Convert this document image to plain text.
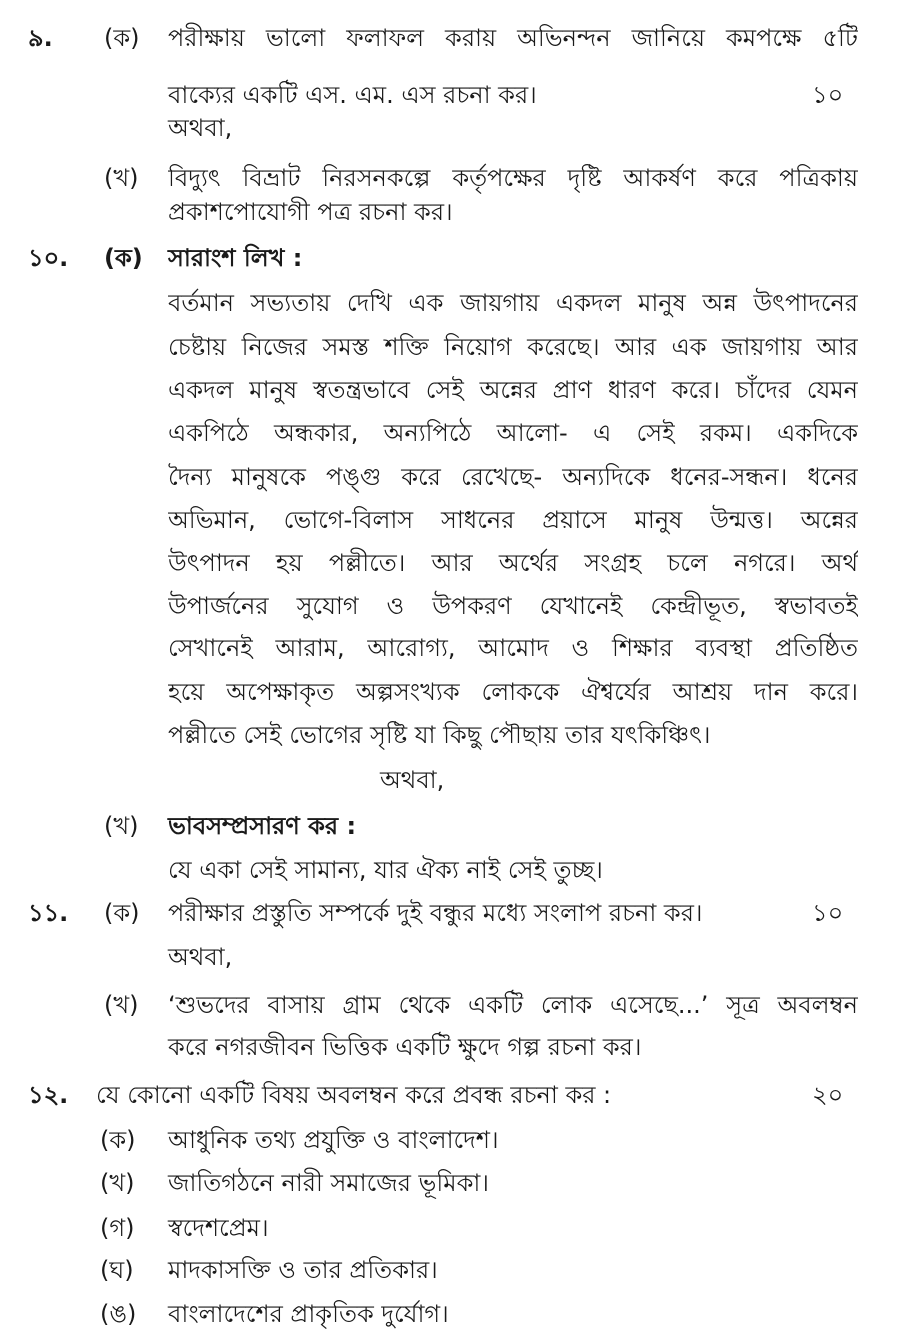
৯. (ক) পরীক্ষায় ভালো ফলাফল করায় অভিনন্দন জানিয়ে কমপক্ষে ৫টি
বাক্যের একটি এস. এম. এস রচনা কর।	১০
অথবা,
(খ) বিদ্যুৎ বিভ্রাট নিরসনকল্পে কর্তৃপক্ষের দৃষ্টি আকর্ষণ করে পত্রিকায়
প্রকাশপোযোগী পত্র রচনা কর।
১০. (ক) সারাংশ লিখ :
বর্তমান সভ্যতায় দেখি এক জায়গায় একদল মানুষ অন্ন উৎপাদনের
চেষ্টায় নিজের সমস্ত শক্তি নিয়োগ করেছে। আর এক জায়গায় আর
একদল মানুষ স্বতন্ত্রভাবে সেই অন্নের প্রাণ ধারণ করে। চাঁদের যেমন
একপিঠে অন্ধকার, অন্যপিঠে আলো- এ সেই রকম। একদিকে
দৈন্য মানুষকে পঙ্গু করে রেখেছে- অন্যদিকে ধনের-সন্ধন। ধনের
অভিমান, ভোগে-বিলাস সাধনের প্রয়াসে মানুষ উন্মত্ত। অন্নের
উৎপাদন হয় পল্লীতে। আর অর্থের সংগ্রহ চলে নগরে। অর্থ
উপার্জনের সুযোগ ও উপকরণ যেখানেই কেন্দ্রীভূত, স্বভাবতই
সেখানেই আরাম, আরোগ্য, আমোদ ও শিক্ষার ব্যবস্থা প্রতিষ্ঠিত
হয়ে অপেক্ষাকৃত অল্পসংখ্যক লোককে ঐশ্বর্যের আশ্রয় দান করে।
পল্লীতে সেই ভোগের সৃষ্টি যা কিছু পৌছায় তার যৎকিঞ্চিৎ।
অথবা,
(খ) ভাবসম্প্রসারণ কর :
যে একা সেই সামান্য, যার ঐক্য নাই সেই তুচ্ছ।
১১. (ক) পরীক্ষার প্রস্তুতি সম্পর্কে দুই বন্ধুর মধ্যে সংলাপ রচনা কর।	১০
অথবা,
(খ) ‘শুভদের বাসায় গ্রাম থেকে একটি লোক এসেছে...’ সূত্র অবলম্বন
করে নগরজীবন ভিত্তিক একটি ক্ষুদে গল্প রচনা কর।
১২. যে কোনো একটি বিষয় অবলম্বন করে প্রবন্ধ রচনা কর :	২০
(ক) আধুনিক তথ্য প্রযুক্তি ও বাংলাদেশ।
(খ) জাতিগঠনে নারী সমাজের ভূমিকা।
(গ) স্বদেশপ্রেম।
(ঘ) মাদকাসক্তি ও তার প্রতিকার।
(ঙ) বাংলাদেশের প্রাকৃতিক দুর্যোগ।
